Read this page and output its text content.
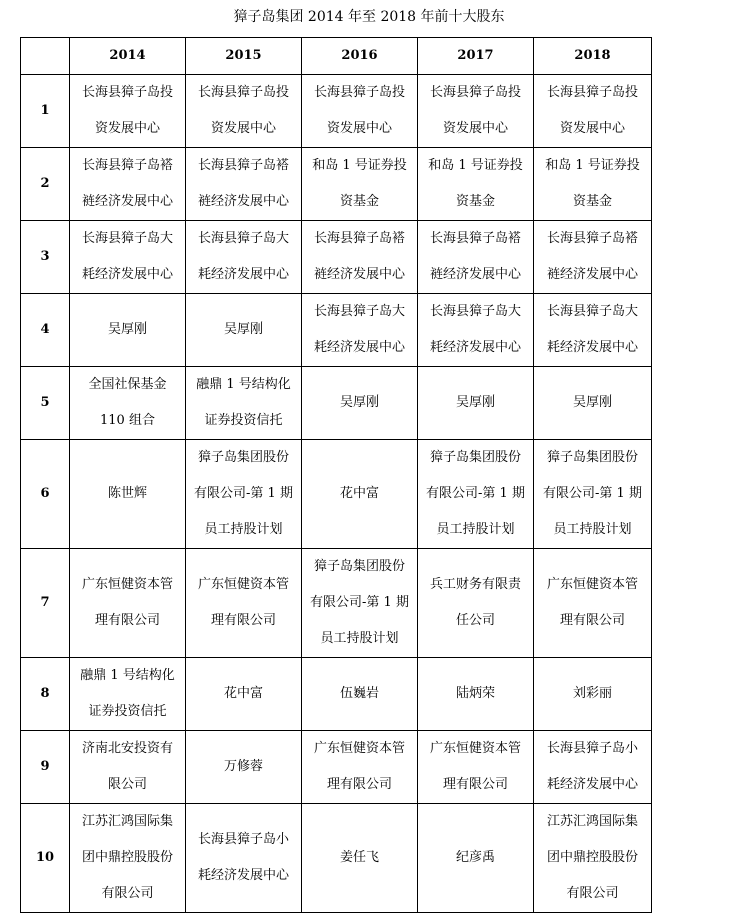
獐子岛集团 2014 年至 2018 年前十大股东
	2014	2015	2016	2017	2018
1	长海县獐子岛投资发展中心	长海县獐子岛投资发展中心	长海县獐子岛投资发展中心	长海县獐子岛投资发展中心	长海县獐子岛投资发展中心
2	长海县獐子岛褡裢经济发展中心	长海县獐子岛褡裢经济发展中心	和岛 1 号证券投资基金	和岛 1 号证券投资基金	和岛 1 号证券投资基金
3	长海县獐子岛大耗经济发展中心	长海县獐子岛大耗经济发展中心	长海县獐子岛褡裢经济发展中心	长海县獐子岛褡裢经济发展中心	长海县獐子岛褡裢经济发展中心
4	吴厚刚	吴厚刚	长海县獐子岛大耗经济发展中心	长海县獐子岛大耗经济发展中心	长海县獐子岛大耗经济发展中心
5	全国社保基金 110 组合	融鼎 1 号结构化证券投资信托	吴厚刚	吴厚刚	吴厚刚
6	陈世辉	獐子岛集团股份有限公司-第 1 期员工持股计划	花中富	獐子岛集团股份有限公司-第 1 期员工持股计划	獐子岛集团股份有限公司-第 1 期员工持股计划
7	广东恒健资本管理有限公司	广东恒健资本管理有限公司	獐子岛集团股份有限公司-第 1 期员工持股计划	兵工财务有限责任公司	广东恒健资本管理有限公司
8	融鼎 1 号结构化证券投资信托	花中富	伍巍岩	陆炳荣	刘彩丽
9	济南北安投资有限公司	万修蓉	广东恒健资本管理有限公司	广东恒健资本管理有限公司	长海县獐子岛小耗经济发展中心
10	江苏汇鸿国际集团中鼎控股股份有限公司	长海县獐子岛小耗经济发展中心	姜任飞	纪彦禹	江苏汇鸿国际集团中鼎控股股份有限公司
